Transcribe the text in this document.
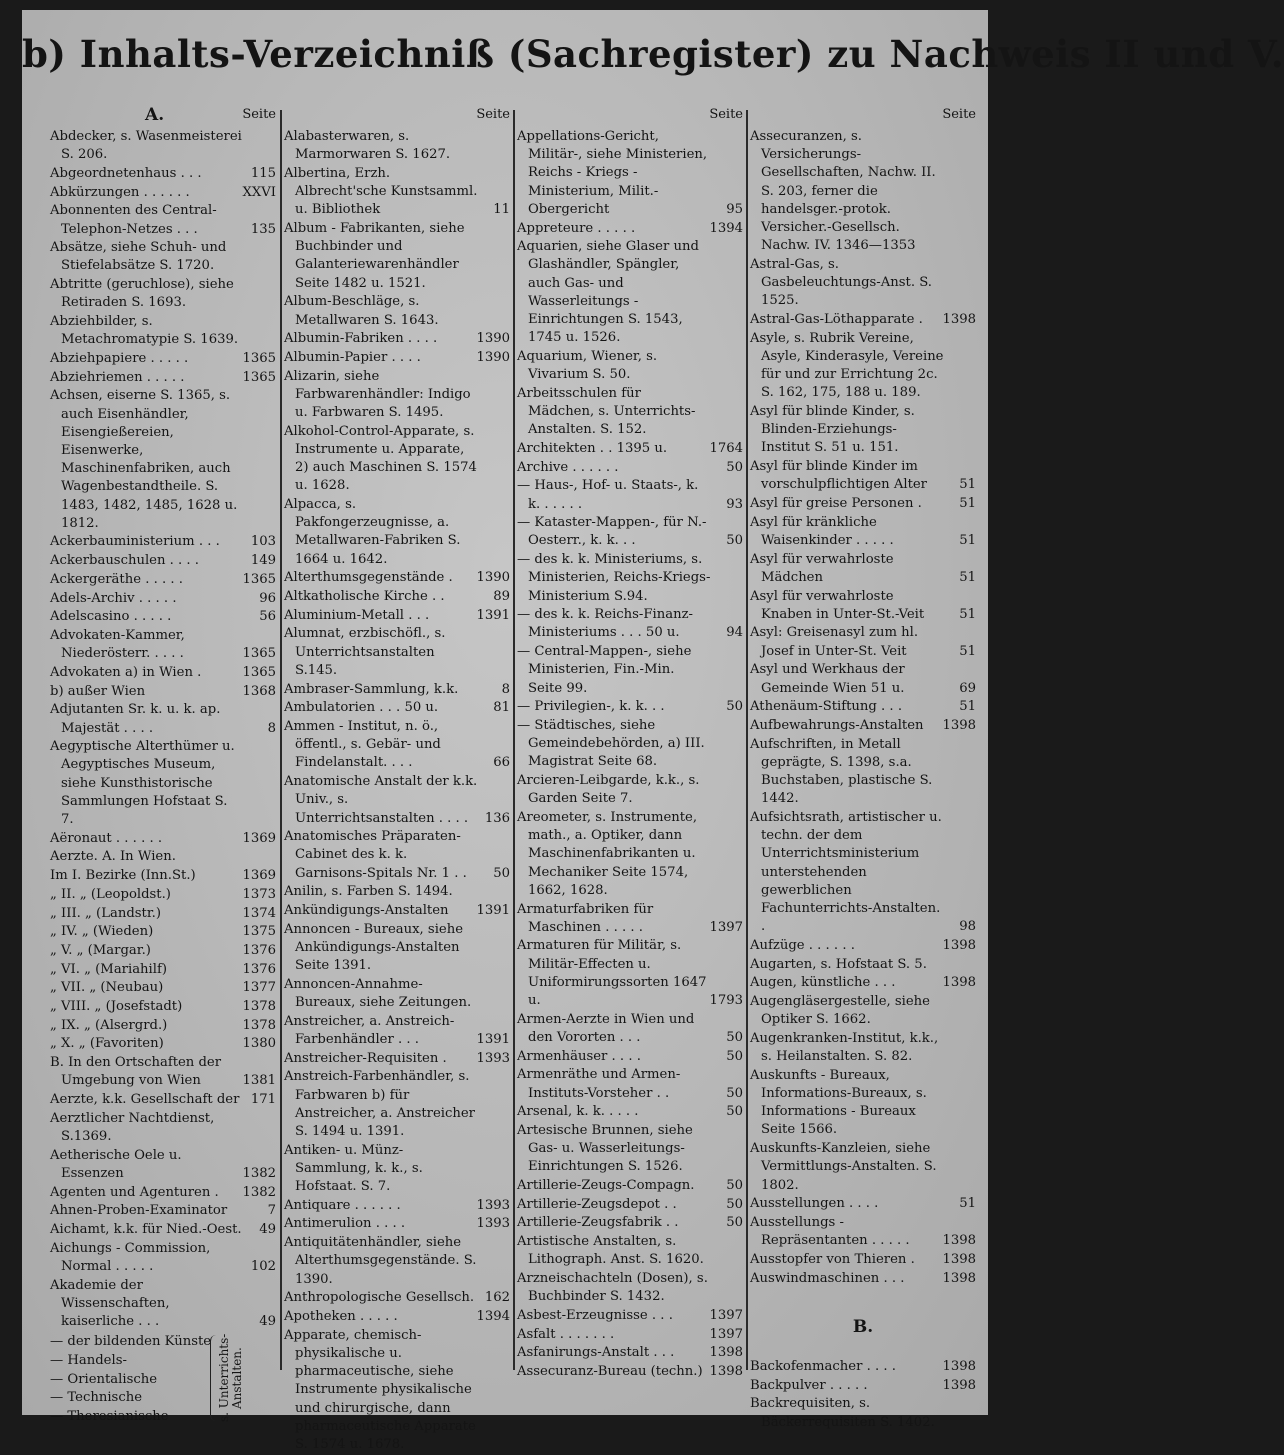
b) Inhalts-Verzeichniß (Sachregister) zu Nachweis II und V.
A.	Seite
Abdecker, s. Wasenmeisterei S. 206.
Abgeordnetenhaus . . .	115
Abkürzungen . . . . . .	XXVI
Abonnenten des Central-Telephon-Netzes . . .	135
Absätze, siehe Schuh- und Stiefelabsätze S. 1720.
Abtritte (geruchlose), siehe Retiraden S. 1693.
Abziehbilder, s. Metachromatypie S. 1639.
Abziehpapiere . . . . .	1365
Abziehriemen . . . . .	1365
Achsen, eiserne S. 1365, s. auch Eisenhändler, Eisengießereien, Eisenwerke, Maschinenfabriken, auch Wagenbestandtheile. S. 1483, 1482, 1485, 1628 u. 1812.
Ackerbauministerium . . . 103
Ackerbauschulen . . . .	149
Ackergeräthe . . . . .	1365
Adels-Archiv . . . . .	96
Adelscasino . . . . .	56
Advokaten-Kammer, Niederösterr. . . . .	1365
Advokaten a) in Wien .	1365
b) außer Wien	1368
Adjutanten Sr. k. u. k. ap. Majestät . . . .	8
Aegyptische Alterthümer u. Aegyptisches Museum, siehe Kunsthistorische Sammlungen Hofstaat S. 7.
Aëronaut . . . . . .	1369
Aerzte. A. In Wien.
Im I. Bezirke (Inn.St.)	1369
„ II. „ (Leopoldst.)	1373
„ III. „ (Landstr.)	1374
„ IV. „ (Wieden)	1375
„ V. „ (Margar.)	1376
„ VI. „ (Mariahilf)	1376
„ VII. „ (Neubau)	1377
„ VIII. „ (Josefstadt)	1378
„ IX. „ (Alsergrd.)	1378
„ X. „ (Favoriten)	1380
B. In den Ortschaften der Umgebung von Wien	1381
Aerzte, k.k. Gesellschaft der 171
Aerztlicher Nachtdienst, S.1369.
Aetherische Oele u. Essenzen	1382
Agenten und Agenturen . 1382
Ahnen-Proben-Examinator	7
Aichamt, k.k. für Nied.-Oest. 49
Aichungs - Commission, Normal . . . . .	102
Akademie der Wissenschaften, kaiserliche . . .	49
— der bildenden Künste
— Handels-
— Orientalische
— Technische
— Theresianische	s. Unterrichts-Anstalten.
Seite
Alabasterwaren, s. Marmorwaren S. 1627.
Albertina, Erzh. Albrecht'sche Kunstsamml. u. Bibliothek	11
Album - Fabrikanten, siehe Buchbinder und Galanteriewarenhändler Seite 1482 u. 1521.
Album-Beschläge, s. Metallwaren S. 1643.
Albumin-Fabriken . . . .	1390
Albumin-Papier . . . .	1390
Alizarin, siehe Farbwarenhändler: Indigo u. Farbwaren S. 1495.
Alkohol-Control-Apparate, s. Instrumente u. Apparate, 2) auch Maschinen S. 1574 u. 1628.
Alpacca, s. Pakfongerzeugnisse, a. Metallwaren-Fabriken S. 1664 u. 1642.
Alterthumsgegenstände . 1390
Altkatholische Kirche . .	89
Aluminium-Metall . . .	1391
Alumnat, erzbischöfl., s. Unterrichtsanstalten S.145.
Ambraser-Sammlung, k.k.	8
Ambulatorien . . . 50 u.	81
Ammen - Institut, n. ö., öffentl., s. Gebär- und Findelanstalt. . . .	66
Anatomische Anstalt der k.k. Univ., s. Unterrichtsanstalten . . . . 136
Anatomisches Präparaten-Cabinet des k. k. Garnisons-Spitals Nr. 1 . . 50
Anilin, s. Farben S. 1494.
Ankündigungs-Anstalten 1391
Annoncen - Bureaux, siehe Ankündigungs-Anstalten Seite 1391.
Annoncen-Annahme-Bureaux, siehe Zeitungen.
Anstreicher, a. Anstreich-Farbenhändler . . .	1391
Anstreicher-Requisiten . 1393
Anstreich-Farbenhändler, s. Farbwaren b) für Anstreicher, a. Anstreicher S. 1494 u. 1391.
Antiken- u. Münz-Sammlung, k. k., s. Hofstaat. S. 7.
Antiquare . . . . . .	1393
Antimerulion . . . .	1393
Antiquitätenhändler, siehe Alterthumsgegenstände. S. 1390.
Anthropologische Gesellsch. 162
Apotheken . . . . .	1394
Apparate, chemisch-physikalische u. pharmaceutische, siehe Instrumente physikalische und chirurgische, dann pharmaceutische Apparate S. 1574 u. 1678.
Seite
Appellations-Gericht, Militär-, siehe Ministerien, Reichs - Kriegs - Ministerium, Milit.-Obergericht	95
Appreteure . . . . .	1394
Aquarien, siehe Glaser und Glashändler, Spängler, auch Gas- und Wasserleitungs - Einrichtungen S. 1543, 1745 u. 1526.
Aquarium, Wiener, s. Vivarium S. 50.
Arbeitsschulen für Mädchen, s. Unterrichts-Anstalten. S. 152.
Architekten . . 1395 u.	1764
Archive . . . . . .	50
— Haus-, Hof- u. Staats-, k. k. . . . . .	93
— Kataster-Mappen-, für N.-Oesterr., k. k. . .	50
— des k. k. Ministeriums, s. Ministerien, Reichs-Kriegs-Ministerium S.94.
— des k. k. Reichs-Finanz-Ministeriums . . . 50 u.	94
— Central-Mappen-, siehe Ministerien, Fin.-Min. Seite 99.
— Privilegien-, k. k. . .	50
— Städtisches, siehe Gemeindebehörden, a) III. Magistrat Seite 68.
Arcieren-Leibgarde, k.k., s. Garden Seite 7.
Areometer, s. Instrumente, math., a. Optiker, dann Maschinenfabrikanten u. Mechaniker Seite 1574, 1662, 1628.
Armaturfabriken für Maschinen . . . . .	1397
Armaturen für Militär, s. Militär-Effecten u. Uniformirungssorten 1647 u.	1793
Armen-Aerzte in Wien und den Vororten . . .	50
Armenhäuser . . . .	50
Armenräthe und Armen-Instituts-Vorsteher . .	50
Arsenal, k. k. . . . .	50
Artesische Brunnen, siehe Gas- u. Wasserleitungs-Einrichtungen S. 1526.
Artillerie-Zeugs-Compagn. 50
Artillerie-Zeugsdepot . .	50
Artillerie-Zeugsfabrik . .	50
Artistische Anstalten, s. Lithograph. Anst. S. 1620.
Arzneischachteln (Dosen), s. Buchbinder S. 1432.
Asbest-Erzeugnisse . . .	1397
Asfalt . . . . . . .	1397
Asfanirungs-Anstalt . . .	1398
Assecuranz-Bureau (techn.) 1398
Seite
Assecuranzen, s. Versicherungs-Gesellschaften, Nachw. II. S. 203, ferner die handelsger.-protok. Versicher.-Gesellsch. Nachw. IV. 1346—1353
Astral-Gas, s. Gasbeleuchtungs-Anst. S. 1525.
Astral-Gas-Löthapparate . 1398
Asyle, s. Rubrik Vereine, Asyle, Kinderasyle, Vereine für und zur Errichtung 2c. S. 162, 175, 188 u. 189.
Asyl für blinde Kinder, s. Blinden-Erziehungs-Institut S. 51 u. 151.
Asyl für blinde Kinder im vorschulpflichtigen Alter 51
Asyl für greise Personen .	51
Asyl für kränkliche Waisenkinder . . . . .	51
Asyl für verwahrloste Mädchen	51
Asyl für verwahrloste Knaben in Unter-St.-Veit	51
Asyl: Greisenasyl zum hl. Josef in Unter-St. Veit	51
Asyl und Werkhaus der Gemeinde Wien 51 u.	69
Athenäum-Stiftung . . .	51
Aufbewahrungs-Anstalten 1398
Aufschriften, in Metall geprägte, S. 1398, s.a. Buchstaben, plastische S. 1442.
Aufsichtsrath, artistischer u. techn. der dem Unterrichtsministerium unterstehenden gewerblichen Fachunterrichts-Anstalten. .	98
Aufzüge . . . . . .	1398
Augarten, s. Hofstaat S. 5.
Augen, künstliche . . .	1398
Augengläsergestelle, siehe Optiker S. 1662.
Augenkranken-Institut, k.k., s. Heilanstalten. S. 82.
Auskunfts - Bureaux, Informations-Bureaux, s. Informations - Bureaux Seite 1566.
Auskunfts-Kanzleien, siehe Vermittlungs-Anstalten. S. 1802.
Ausstellungen . . . .	51
Ausstellungs - Repräsentanten . . . . . 1398
Ausstopfer von Thieren . 1398
Auswindmaschinen . . .	1398
B.
Backofenmacher . . . .	1398
Backpulver . . . . .	1398
Backrequisiten, s. Bäckerrequisiten S. 1402.
